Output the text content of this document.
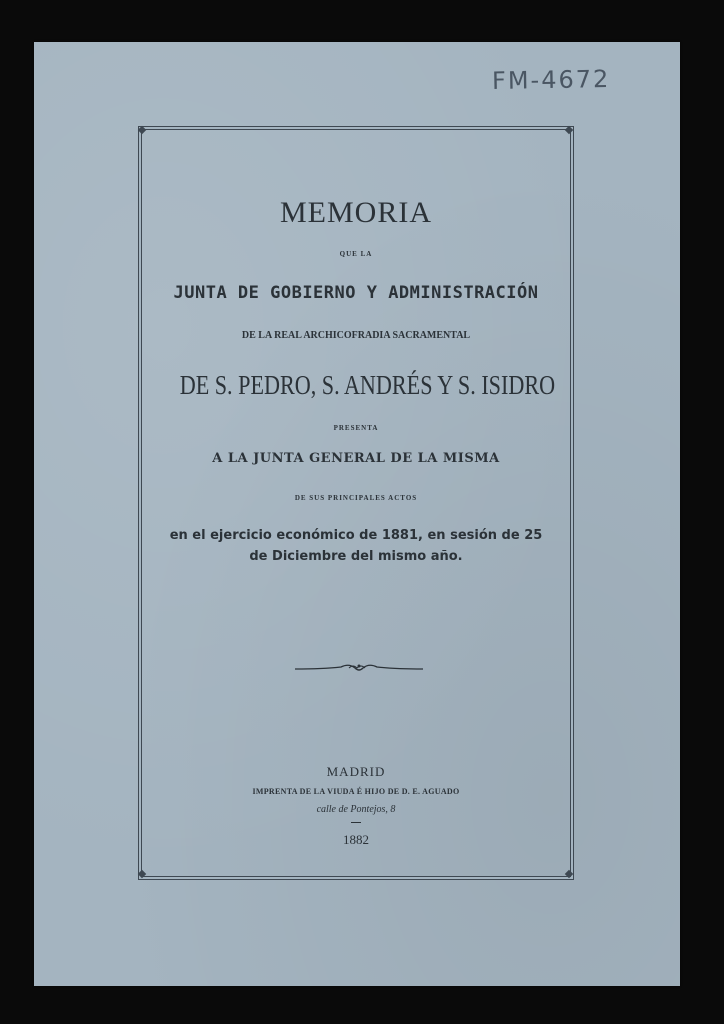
FM-4672
MEMORIA
QUE LA
JUNTA DE GOBIERNO Y ADMINISTRACIÓN
DE LA REAL ARCHICOFRADIA SACRAMENTAL
DE S. PEDRO, S. ANDRÉS Y S. ISIDRO
PRESENTA
A LA JUNTA GENERAL DE LA MISMA
DE SUS PRINCIPALES ACTOS
en el ejercicio económico de 1881, en sesión de 25
de Diciembre del mismo año.
MADRID
IMPRENTA DE LA VIUDA É HIJO DE D. E. AGUADO
calle de Pontejos, 8
1882
